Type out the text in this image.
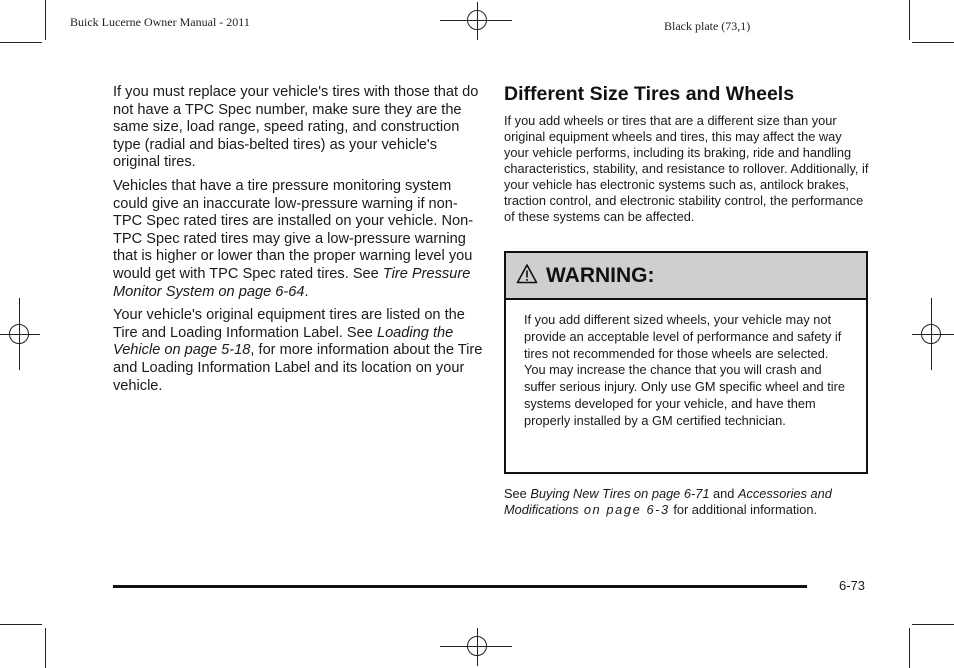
Buick Lucerne Owner Manual - 2011	Black plate (73,1)

If you must replace your vehicle's tires with those that do not have a TPC Spec number, make sure they are the same size, load range, speed rating, and construction type (radial and bias-belted tires) as your vehicle's original tires.

Vehicles that have a tire pressure monitoring system could give an inaccurate low-pressure warning if non-TPC Spec rated tires are installed on your vehicle. Non-TPC Spec rated tires may give a low-pressure warning that is higher or lower than the proper warning level you would get with TPC Spec rated tires. See Tire Pressure Monitor System on page 6-64.

Your vehicle's original equipment tires are listed on the Tire and Loading Information Label. See Loading the Vehicle on page 5-18, for more information about the Tire and Loading Information Label and its location on your vehicle.

Different Size Tires and Wheels

If you add wheels or tires that are a different size than your original equipment wheels and tires, this may affect the way your vehicle performs, including its braking, ride and handling characteristics, stability, and resistance to rollover. Additionally, if your vehicle has electronic systems such as, antilock brakes, traction control, and electronic stability control, the performance of these systems can be affected.

WARNING:
If you add different sized wheels, your vehicle may not provide an acceptable level of performance and safety if tires not recommended for those wheels are selected. You may increase the chance that you will crash and suffer serious injury. Only use GM specific wheel and tire systems developed for your vehicle, and have them properly installed by a GM certified technician.
See Buying New Tires on page 6-71 and Accessories and Modifications on page 6-3 for additional information.
6-73
